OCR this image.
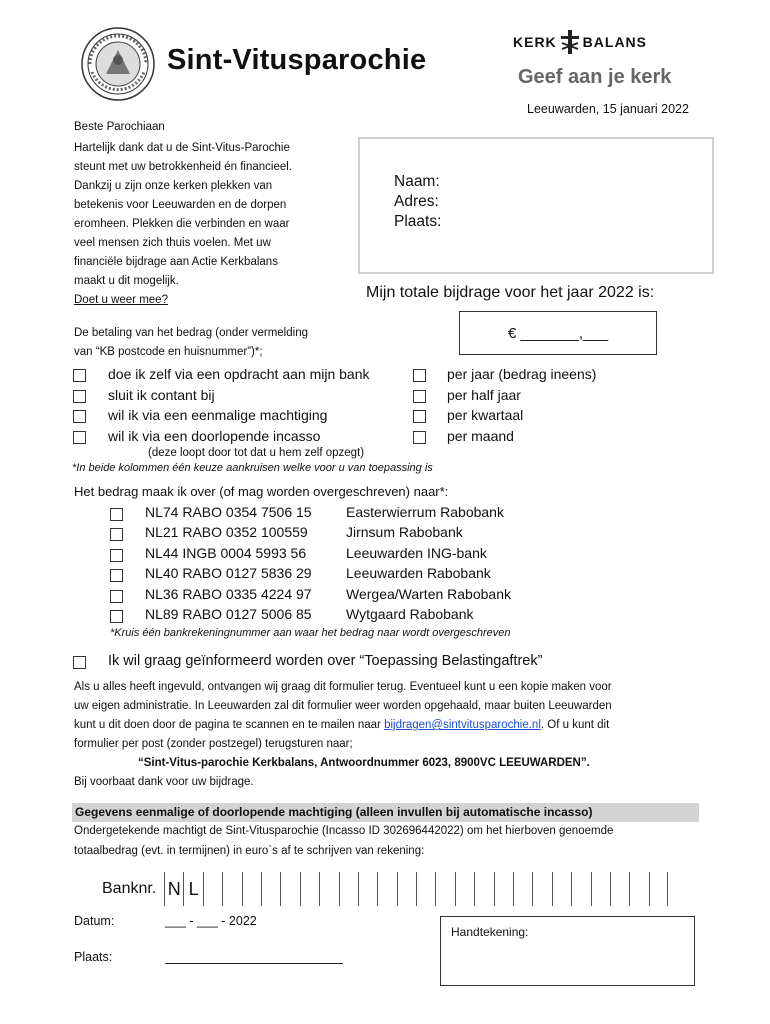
Sint-Vitusparochie
KERK BALANS
Geef aan je kerk
Leeuwarden, 15 januari 2022
Beste Parochiaan
Hartelijk dank dat u de Sint-Vitus-Parochie
steunt met uw betrokkenheid én financieel.
Dankzij u zijn onze kerken plekken van
betekenis voor Leeuwarden en de dorpen
eromheen. Plekken die verbinden en waar
veel mensen zich thuis voelen. Met uw
financiële bijdrage aan Actie Kerkbalans
maakt u dit mogelijk.
Doet u weer mee?
Naam:
Adres:
Plaats:
Mijn totale bijdrage voor het jaar 2022 is:
€ _______,___
De betaling van het bedrag (onder vermelding
van “KB postcode en huisnummer”)*;
doe ik zelf via een opdracht aan mijn bank
sluit ik contant bij
wil ik via een eenmalige machtiging
wil ik via een doorlopende incasso
(deze loopt door tot dat u hem zelf opzegt)
per jaar (bedrag ineens)
per half jaar
per kwartaal
per maand
*In beide kolommen één keuze aankruisen welke voor u van toepassing is
Het bedrag maak ik over (of mag worden overgeschreven) naar*:
NL74 RABO 0354 7506 15 Easterwierrum Rabobank
NL21 RABO 0352 100559	Jirnsum Rabobank
NL44 INGB 0004 5993 56	Leeuwarden ING-bank
NL40 RABO 0127 5836 29 Leeuwarden Rabobank
NL36 RABO 0335 4224 97 Wergea/Warten Rabobank
NL89 RABO 0127 5006 85 Wytgaard Rabobank
*Kruis één bankrekeningnummer aan waar het bedrag naar wordt overgeschreven
Ik wil graag geïnformeerd worden over “Toepassing Belastingaftrek”
Als u alles heeft ingevuld, ontvangen wij graag dit formulier terug. Eventueel kunt u een kopie maken voor
uw eigen administratie. In Leeuwarden zal dit formulier weer worden opgehaald, maar buiten Leeuwarden
kunt u dit doen door de pagina te scannen en te mailen naar bijdragen@sintvitusparochie.nl. Of u kunt dit
formulier per post (zonder postzegel) terugsturen naar;
“Sint-Vitus-parochie Kerkbalans, Antwoordnummer 6023, 8900VC LEEUWARDEN”.
Bij voorbaat dank voor uw bijdrage.
Gegevens eenmalige of doorlopende machtiging (alleen invullen bij automatische incasso)
Ondergetekende machtigt de Sint-Vitusparochie (Incasso ID 302696442022) om het hierboven genoemde
totaalbedrag (evt. in termijnen) in euro`s af te schrijven van rekening:
Banknr. N L
Datum:	___ - ___ - 2022
Plaats:
Handtekening:
